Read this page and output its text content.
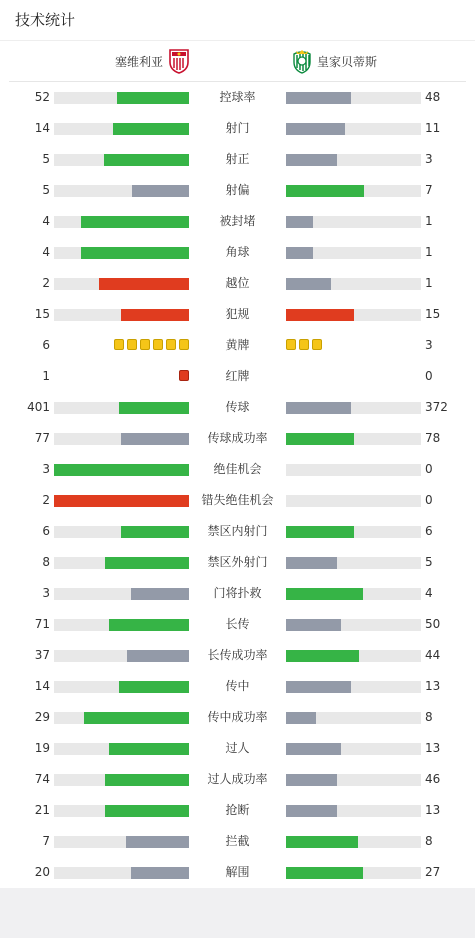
技术统计
塞维利亚	皇家贝蒂斯
52	控球率	48
14	射门	11
5	射正	3
5	射偏	7
4	被封堵	1
4	角球	1
2	越位	1
15	犯规	15
6	黄牌	3
1	红牌	0
401	传球	372
77	传球成功率	78
3	绝佳机会	0
2	错失绝佳机会	0
6	禁区内射门	6
8	禁区外射门	5
3	门将扑救	4
71	长传	50
37	长传成功率	44
14	传中	13
29	传中成功率	8
19	过人	13
74	过人成功率	46
21	抢断	13
7	拦截	8
20	解围	27
